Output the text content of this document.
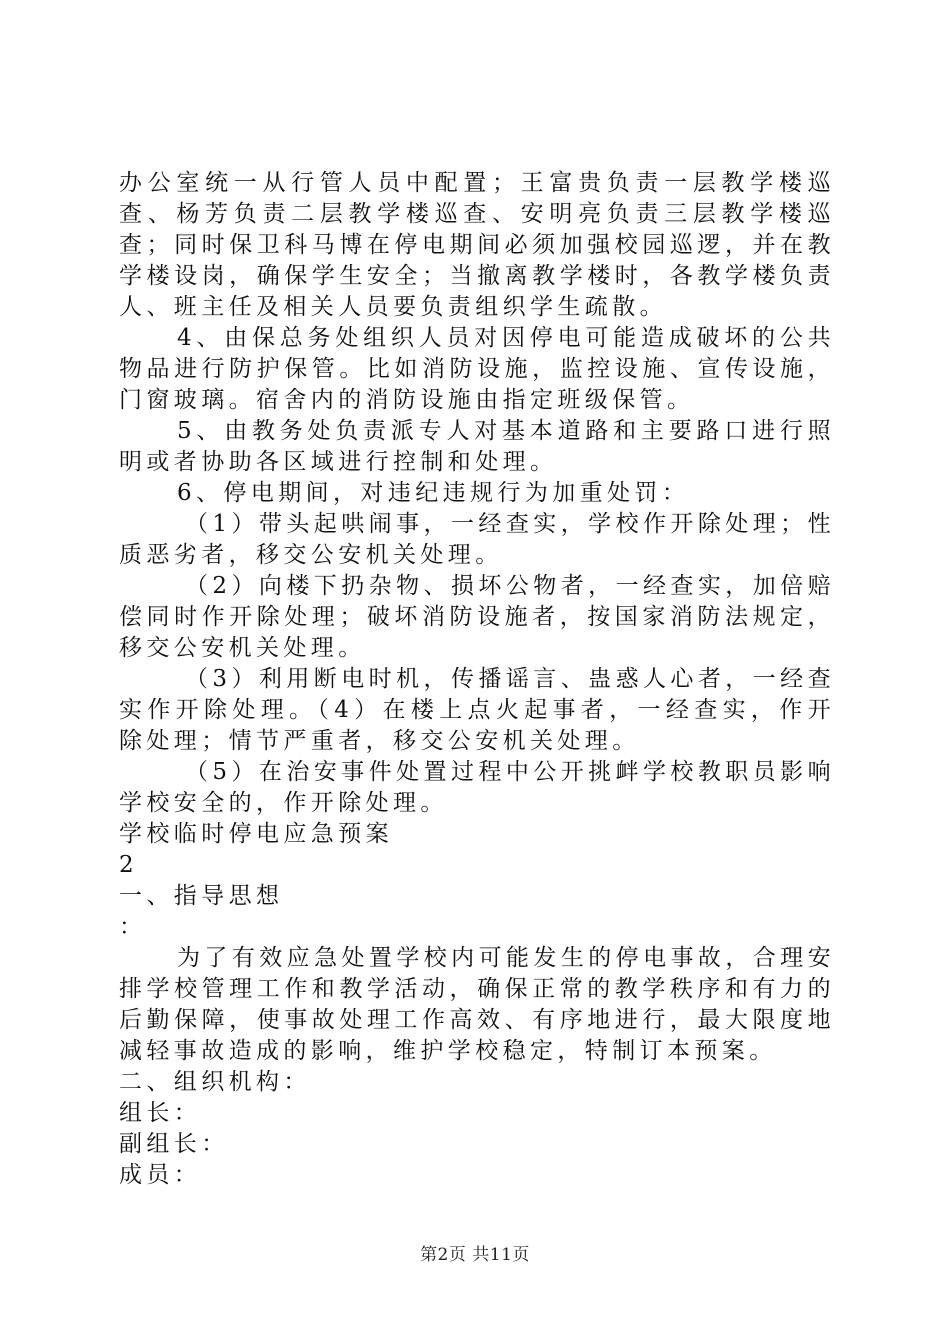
办公室统一从行管人员中配置；王富贵负责一层教学楼巡查、杨芳负责二层教学楼巡查、安明亮负责三层教学楼巡查；同时保卫科马博在停电期间必须加强校园巡逻，并在教学楼设岗，确保学生安全；当撤离教学楼时，各教学楼负责人、班主任及相关人员要负责组织学生疏散。

4、由保总务处组织人员对因停电可能造成破坏的公共物品进行防护保管。比如消防设施，监控设施、宣传设施，门窗玻璃。宿舍内的消防设施由指定班级保管。

5、由教务处负责派专人对基本道路和主要路口进行照明或者协助各区域进行控制和处理。

6、停电期间，对违纪违规行为加重处罚：

（1）带头起哄闹事，一经查实，学校作开除处理；性质恶劣者，移交公安机关处理。

（2）向楼下扔杂物、损坏公物者，一经查实，加倍赔偿同时作开除处理；破坏消防设施者，按国家消防法规定，移交公安机关处理。

（3）利用断电时机，传播谣言、蛊惑人心者，一经查实作开除处理。（4）在楼上点火起事者，一经查实，作开除处理；情节严重者，移交公安机关处理。

（5）在治安事件处置过程中公开挑衅学校教职员影响学校安全的，作开除处理。

学校临时停电应急预案

2

一、指导思想

：

为了有效应急处置学校内可能发生的停电事故，合理安排学校管理工作和教学活动，确保正常的教学秩序和有力的后勤保障，使事故处理工作高效、有序地进行，最大限度地减轻事故造成的影响，维护学校稳定，特制订本预案。

二、组织机构：

组长：

副组长：

成员：

第2页 共11页
